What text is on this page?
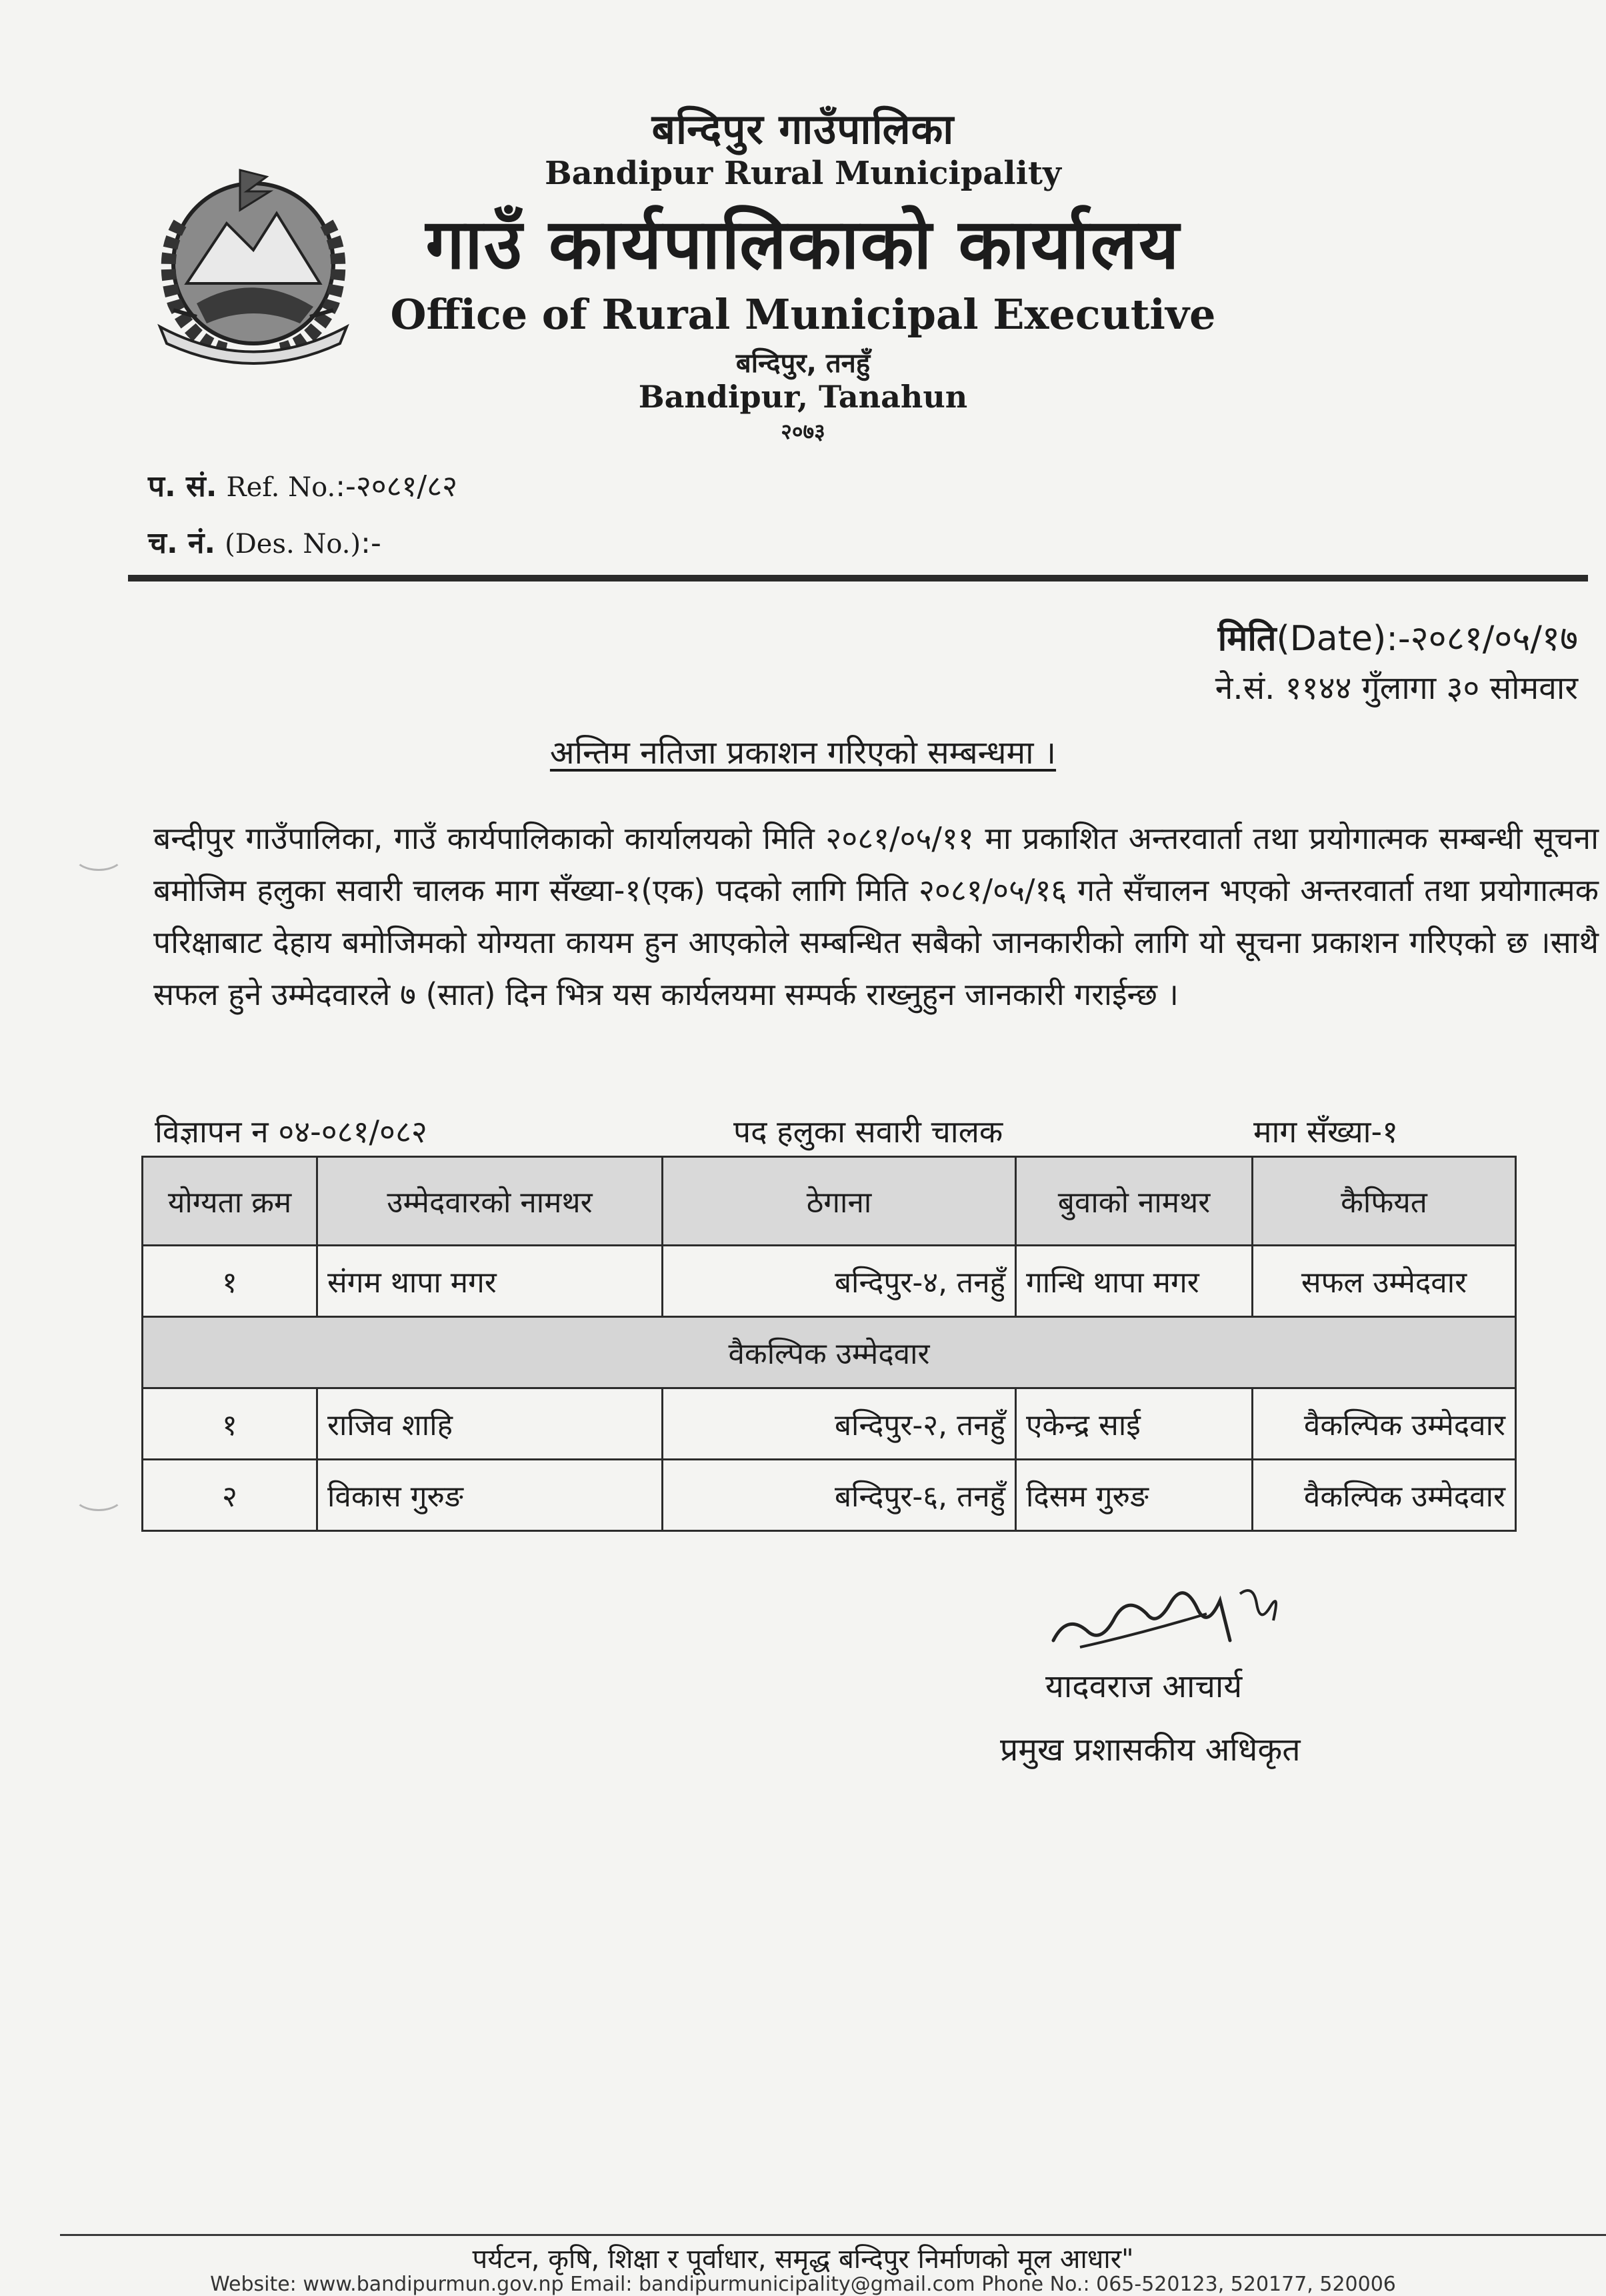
बन्दिपुर गाउँपालिका
Bandipur Rural Municipality
गाउँ कार्यपालिकाको कार्यालय
Office of Rural Municipal Executive
बन्दिपुर, तनहुँ
Bandipur, Tanahun
२०७३
प. सं. Ref. No.:-२०८१/८२
च. नं. (Des. No.):-
मिति(Date):-२०८१/०५/१७
ने.सं. ११४४ गुँलागा ३० सोमवार
अन्तिम नतिजा प्रकाशन गरिएको सम्बन्धमा ।
बन्दीपुर गाउँपालिका, गाउँ कार्यपालिकाको कार्यालयको मिति २०८१/०५/११ मा प्रकाशित अन्तरवार्ता तथा प्रयोगात्मक सम्बन्धी सूचना बमोजिम हलुका सवारी चालक माग सँख्या-१(एक) पदको लागि मिति २०८१/०५/१६ गते सँचालन भएको अन्तरवार्ता तथा प्रयोगात्मक परिक्षाबाट देहाय बमोजिमको योग्यता कायम हुन आएकोले सम्बन्धित सबैको जानकारीको लागि यो सूचना प्रकाशन गरिएको छ ।साथै सफल हुने उम्मेदवारले ७ (सात) दिन भित्र यस कार्यलयमा सम्पर्क राख्नुहुन जानकारी गराईन्छ ।
विज्ञापन न ०४-०८१/०८२	पद हलुका सवारी चालक	माग सँख्या-१
योग्यता क्रम	उम्मेदवारको नामथर	ठेगाना	बुवाको नामथर	कैफियत
१	संगम थापा मगर	बन्दिपुर-४, तनहुँ	गान्धि थापा मगर	सफल उम्मेदवार
वैकल्पिक उम्मेदवार				
१	राजिव शाहि	बन्दिपुर-२, तनहुँ	एकेन्द्र साई	वैकल्पिक उम्मेदवार
२	विकास गुरुङ	बन्दिपुर-६, तनहुँ	दिसम गुरुङ	वैकल्पिक उम्मेदवार
यादवराज आचार्य
प्रमुख प्रशासकीय अधिकृत
पर्यटन, कृषि, शिक्षा र पूर्वाधार, समृद्ध बन्दिपुर निर्माणको मूल आधार"
Website: www.bandipurmun.gov.np Email: bandipurmunicipality@gmail.com Phone No.: 065-520123, 520177, 520006
